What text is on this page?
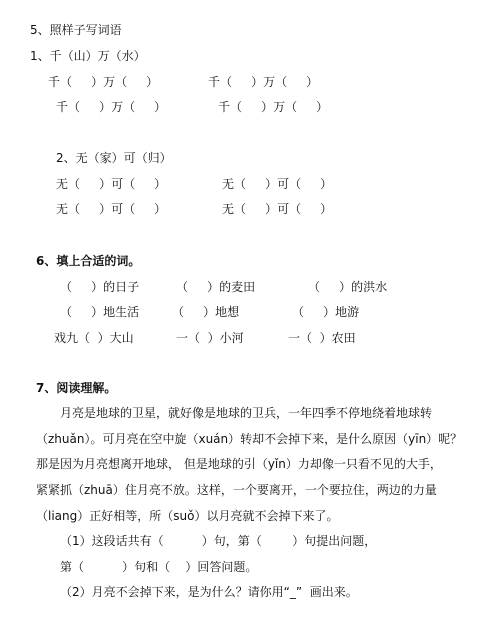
5、照样子写词语
1、千（山）万（水）
千（     ）万（     ）	千（     ）万（     ）
千（     ）万（     ）	千（     ）万（     ）
2、无（家）可（归）
无（     ）可（     ）	无（     ）可（     ）
无（     ）可（     ）	无（     ）可（     ）
6、填上合适的词。
（     ）的日子	（     ）的麦田	（     ）的洪水
（     ）地生活	（     ）地想	（     ）地游
戏九（  ）大山	一（  ）小河	一（  ）农田
7、阅读理解。
月亮是地球的卫星，就好像是地球的卫兵，一年四季不停地绕着地球转
（zhuǎn）。可月亮在空中旋（xuán）转却不会掉下来，是什么原因（yīn）呢？
那是因为月亮想离开地球， 但是地球的引（yǐn）力却像一只看不见的大手，
紧紧抓（zhuā）住月亮不放。这样，一个要离开，一个要拉住，两边的力量
（liang）正好相等，所（suǒ）以月亮就不会掉下来了。
（1）这段话共有（          ）句，第（        ）句提出问题，
第（          ）句和（    ）回答问题。
（2）月亮不会掉下来，是为什么？请你用“_”  画出来。
